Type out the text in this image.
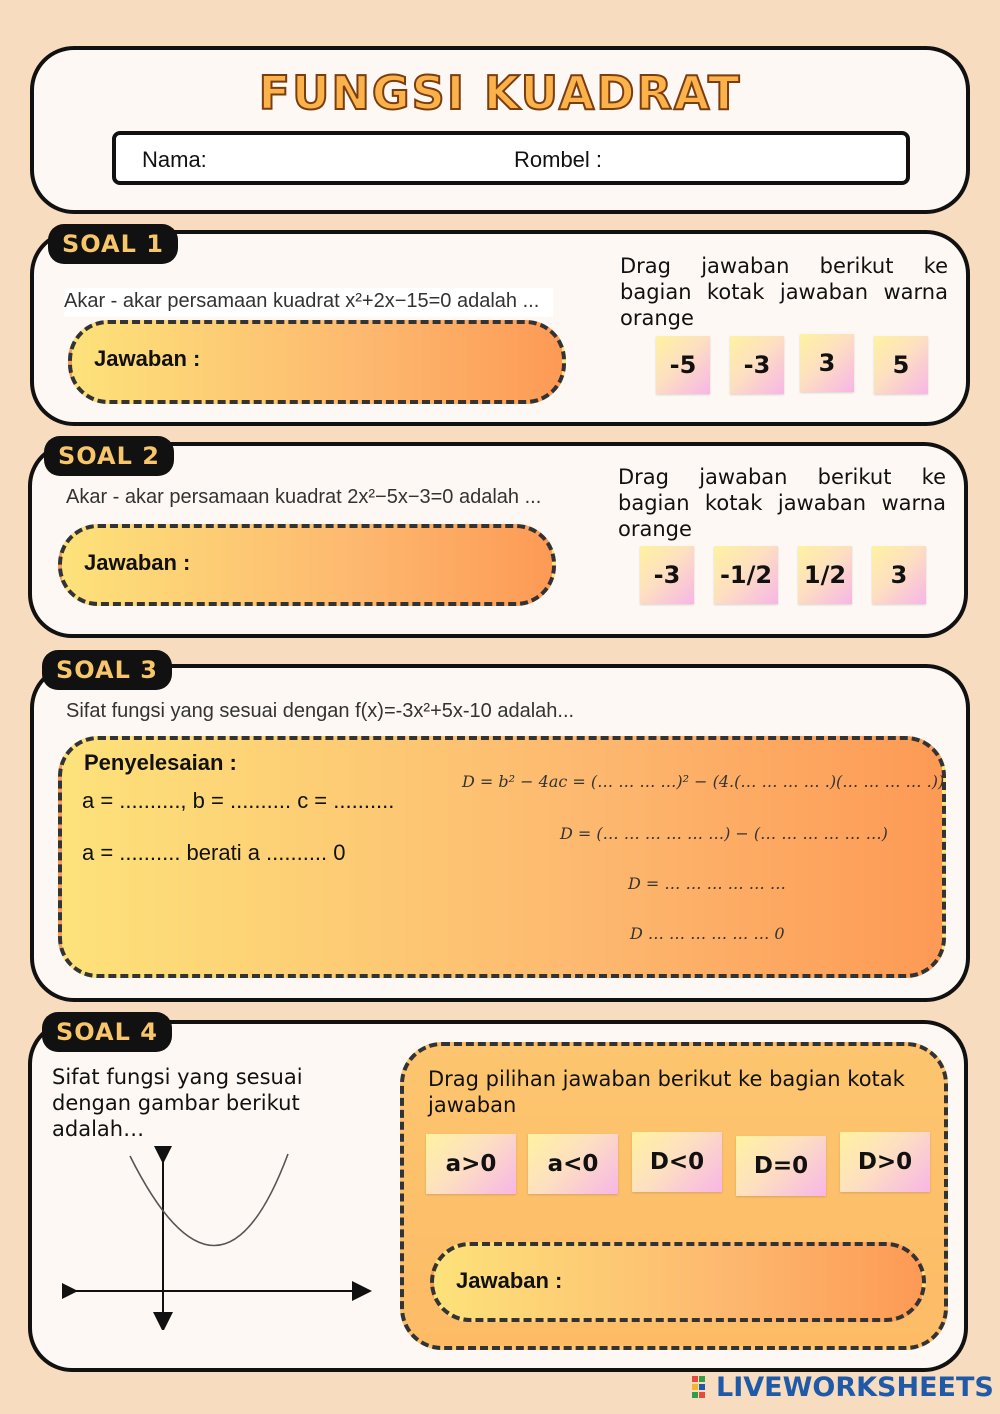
FUNGSI KUADRAT
Nama:	Rombel :
SOAL 1
Akar - akar persamaan kuadrat x²+2x−15=0 adalah ...
Jawaban :
Drag jawaban berikut ke bagian kotak jawaban warna orange
-5	-3	3	5
SOAL 2
Akar - akar persamaan kuadrat 2x²−5x−3=0 adalah ...
Jawaban :
Drag jawaban berikut ke bagian kotak jawaban warna orange
-3	-1/2 1/2	3
SOAL 3
Sifat fungsi yang sesuai dengan f(x)=-3x²+5x-10 adalah...
Penyelesaian :
a = .........., b = .......... c = ..........
a = .......... berati a .......... 0
D = b² − 4ac = (… … … …)² − (4.(… … … … .)(… … … … .))
D = (… … … … … …) − (… … … … … …)
D = … … … … … …
D … … … … … … 0
SOAL 4
Sifat fungsi yang sesuai dengan gambar berikut adalah…
Drag pilihan jawaban berikut ke bagian kotak jawaban
a>0	a<0	D<0	D=0	D>0
Jawaban :
LIVEWORKSHEETS
